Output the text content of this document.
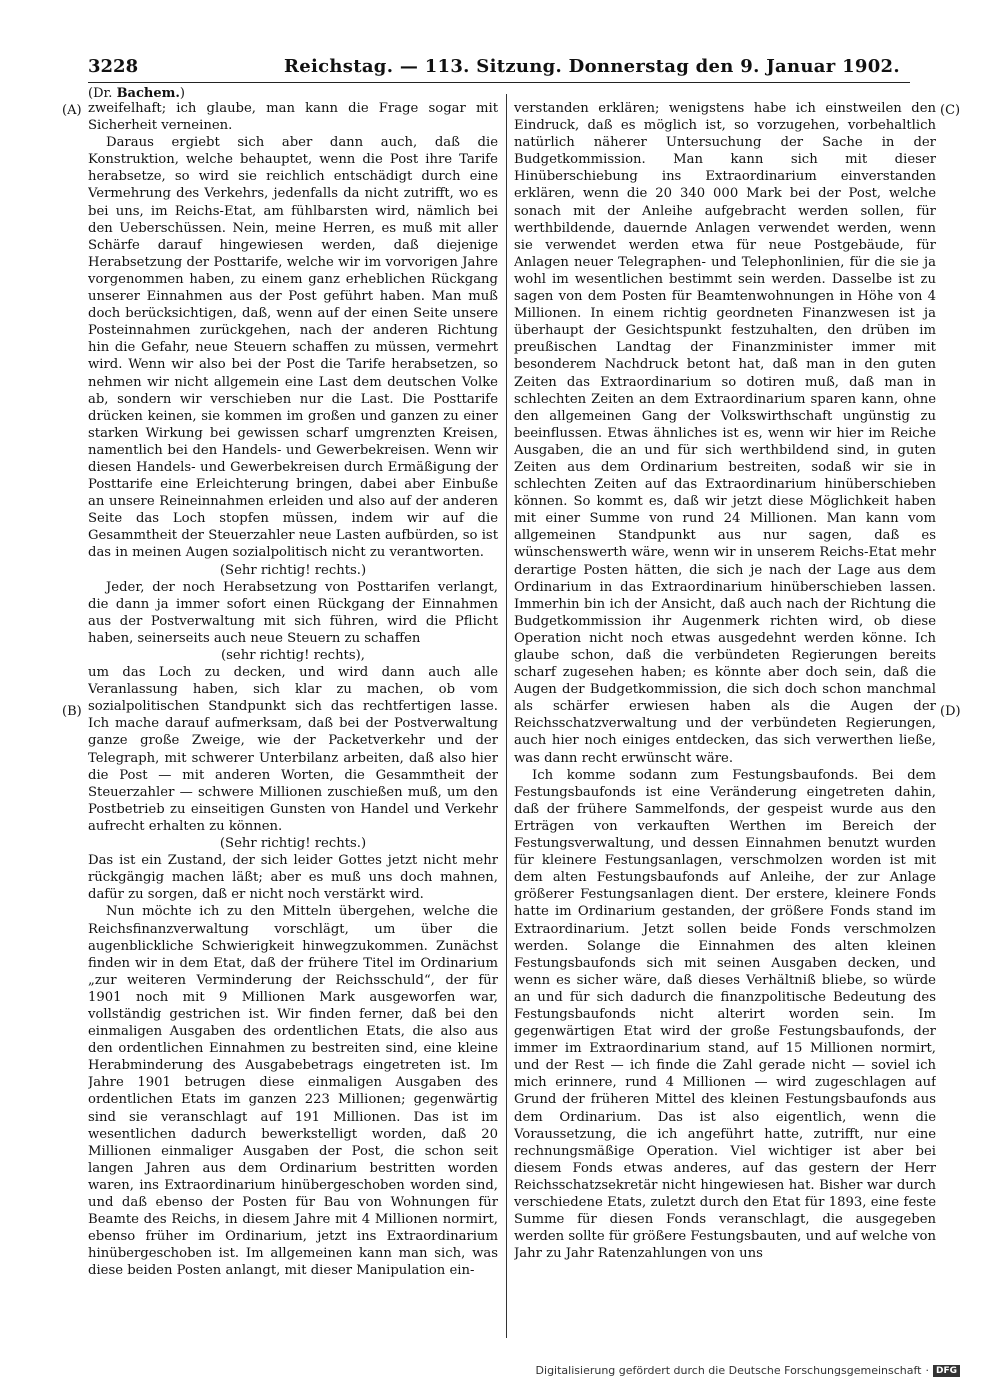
3228	Reichstag. — 113. Sitzung. Donnerstag den 9. Januar 1902.
(Dr. Bachem.)
(A)
(B)
(C)
(D)

zweifelhaft; ich glaube, man kann die Frage sogar mit Sicherheit verneinen.

Daraus ergiebt sich aber dann auch, daß die Konstruktion, welche behauptet, wenn die Post ihre Tarife herabsetze, so wird sie reichlich entschädigt durch eine Vermehrung des Verkehrs, jedenfalls da nicht zutrifft, wo es bei uns, im Reichs-Etat, am fühlbarsten wird, nämlich bei den Ueberschüssen. Nein, meine Herren, es muß mit aller Schärfe darauf hingewiesen werden, daß diejenige Herabsetzung der Posttarife, welche wir im vorvorigen Jahre vorgenommen haben, zu einem ganz erheblichen Rückgang unserer Einnahmen aus der Post geführt haben. Man muß doch berücksichtigen, daß, wenn auf der einen Seite unsere Posteinnahmen zurückgehen, nach der anderen Richtung hin die Gefahr, neue Steuern schaffen zu müssen, vermehrt wird. Wenn wir also bei der Post die Tarife herabsetzen, so nehmen wir nicht allgemein eine Last dem deutschen Volke ab, sondern wir verschieben nur die Last. Die Posttarife drücken keinen, sie kommen im großen und ganzen zu einer starken Wirkung bei gewissen scharf umgrenzten Kreisen, namentlich bei den Handels- und Gewerbekreisen. Wenn wir diesen Handels- und Gewerbekreisen durch Ermäßigung der Posttarife eine Erleichterung bringen, dabei aber Einbuße an unsere Reineinnahmen erleiden und also auf der anderen Seite das Loch stopfen müssen, indem wir auf die Gesammtheit der Steuerzahler neue Lasten aufbürden, so ist das in meinen Augen sozialpolitisch nicht zu verantworten.

(Sehr richtig! rechts.)

Jeder, der noch Herabsetzung von Posttarifen verlangt, die dann ja immer sofort einen Rückgang der Einnahmen aus der Postverwaltung mit sich führen, wird die Pflicht haben, seinerseits auch neue Steuern zu schaffen

(sehr richtig! rechts),

um das Loch zu decken, und wird dann auch alle Veranlassung haben, sich klar zu machen, ob vom sozialpolitischen Standpunkt sich das rechtfertigen lasse. Ich mache darauf aufmerksam, daß bei der Postverwaltung ganze große Zweige, wie der Packetverkehr und der Telegraph, mit schwerer Unterbilanz arbeiten, daß also hier die Post — mit anderen Worten, die Gesammtheit der Steuerzahler — schwere Millionen zuschießen muß, um den Postbetrieb zu einseitigen Gunsten von Handel und Verkehr aufrecht erhalten zu können.

(Sehr richtig! rechts.)

Das ist ein Zustand, der sich leider Gottes jetzt nicht mehr rückgängig machen läßt; aber es muß uns doch mahnen, dafür zu sorgen, daß er nicht noch verstärkt wird.

Nun möchte ich zu den Mitteln übergehen, welche die Reichsfinanzverwaltung vorschlägt, um über die augenblickliche Schwierigkeit hinwegzukommen. Zunächst finden wir in dem Etat, daß der frühere Titel im Ordinarium „zur weiteren Verminderung der Reichsschuld“, der für 1901 noch mit 9 Millionen Mark ausgeworfen war, vollständig gestrichen ist. Wir finden ferner, daß bei den einmaligen Ausgaben des ordentlichen Etats, die also aus den ordentlichen Einnahmen zu bestreiten sind, eine kleine Herabminderung des Ausgabebetrags eingetreten ist. Im Jahre 1901 betrugen diese einmaligen Ausgaben des ordentlichen Etats im ganzen 223 Millionen; gegenwärtig sind sie veranschlagt auf 191 Millionen. Das ist im wesentlichen dadurch bewerkstelligt worden, daß 20 Millionen einmaliger Ausgaben der Post, die schon seit langen Jahren aus dem Ordinarium bestritten worden waren, ins Extraordinarium hinübergeschoben worden sind, und daß ebenso der Posten für Bau von Wohnungen für Beamte des Reichs, in diesem Jahre mit 4 Millionen normirt, ebenso früher im Ordinarium, jetzt ins Extraordinarium hinübergeschoben ist. Im allgemeinen kann man sich, was diese beiden Posten anlangt, mit dieser Manipulation ein-

verstanden erklären; wenigstens habe ich einstweilen den Eindruck, daß es möglich ist, so vorzugehen, vorbehaltlich natürlich näherer Untersuchung der Sache in der Budgetkommission. Man kann sich mit dieser Hinüberschiebung ins Extraordinarium einverstanden erklären, wenn die 20 340 000 Mark bei der Post, welche sonach mit der Anleihe aufgebracht werden sollen, für werthbildende, dauernde Anlagen verwendet werden, wenn sie verwendet werden etwa für neue Postgebäude, für Anlagen neuer Telegraphen- und Telephonlinien, für die sie ja wohl im wesentlichen bestimmt sein werden. Dasselbe ist zu sagen von dem Posten für Beamtenwohnungen in Höhe von 4 Millionen. In einem richtig geordneten Finanzwesen ist ja überhaupt der Gesichtspunkt festzuhalten, den drüben im preußischen Landtag der Finanzminister immer mit besonderem Nachdruck betont hat, daß man in den guten Zeiten das Extraordinarium so dotiren muß, daß man in schlechten Zeiten an dem Extraordinarium sparen kann, ohne den allgemeinen Gang der Volkswirthschaft ungünstig zu beeinflussen. Etwas ähnliches ist es, wenn wir hier im Reiche Ausgaben, die an und für sich werthbildend sind, in guten Zeiten aus dem Ordinarium bestreiten, sodaß wir sie in schlechten Zeiten auf das Extraordinarium hinüberschieben können. So kommt es, daß wir jetzt diese Möglichkeit haben mit einer Summe von rund 24 Millionen. Man kann vom allgemeinen Standpunkt aus nur sagen, daß es wünschenswerth wäre, wenn wir in unserem Reichs-Etat mehr derartige Posten hätten, die sich je nach der Lage aus dem Ordinarium in das Extraordinarium hinüberschieben lassen. Immerhin bin ich der Ansicht, daß auch nach der Richtung die Budgetkommission ihr Augenmerk richten wird, ob diese Operation nicht noch etwas ausgedehnt werden könne. Ich glaube schon, daß die verbündeten Regierungen bereits scharf zugesehen haben; es könnte aber doch sein, daß die Augen der Budgetkommission, die sich doch schon manchmal als schärfer erwiesen haben als die Augen der Reichsschatzverwaltung und der verbündeten Regierungen, auch hier noch einiges entdecken, das sich verwerthen ließe, was dann recht erwünscht wäre.

Ich komme sodann zum Festungsbaufonds. Bei dem Festungsbaufonds ist eine Veränderung eingetreten dahin, daß der frühere Sammelfonds, der gespeist wurde aus den Erträgen von verkauften Werthen im Bereich der Festungsverwaltung, und dessen Einnahmen benutzt wurden für kleinere Festungsanlagen, verschmolzen worden ist mit dem alten Festungsbaufonds auf Anleihe, der zur Anlage größerer Festungsanlagen dient. Der erstere, kleinere Fonds hatte im Ordinarium gestanden, der größere Fonds stand im Extraordinarium. Jetzt sollen beide Fonds verschmolzen werden. Solange die Einnahmen des alten kleinen Festungsbaufonds sich mit seinen Ausgaben decken, und wenn es sicher wäre, daß dieses Verhältniß bliebe, so würde an und für sich dadurch die finanzpolitische Bedeutung des Festungsbaufonds nicht alterirt worden sein. Im gegenwärtigen Etat wird der große Festungsbaufonds, der immer im Extraordinarium stand, auf 15 Millionen normirt, und der Rest — ich finde die Zahl gerade nicht — soviel ich mich erinnere, rund 4 Millionen — wird zugeschlagen auf Grund der früheren Mittel des kleinen Festungsbaufonds aus dem Ordinarium. Das ist also eigentlich, wenn die Voraussetzung, die ich angeführt hatte, zutrifft, nur eine rechnungsmäßige Operation. Viel wichtiger ist aber bei diesem Fonds etwas anderes, auf das gestern der Herr Reichsschatzsekretär nicht hingewiesen hat. Bisher war durch verschiedene Etats, zuletzt durch den Etat für 1893, eine feste Summe für diesen Fonds veranschlagt, die ausgegeben werden sollte für größere Festungsbauten, und auf welche von Jahr zu Jahr Ratenzahlungen von uns

Digitalisierung gefördert durch die Deutsche Forschungsgemeinschaft · DFG
